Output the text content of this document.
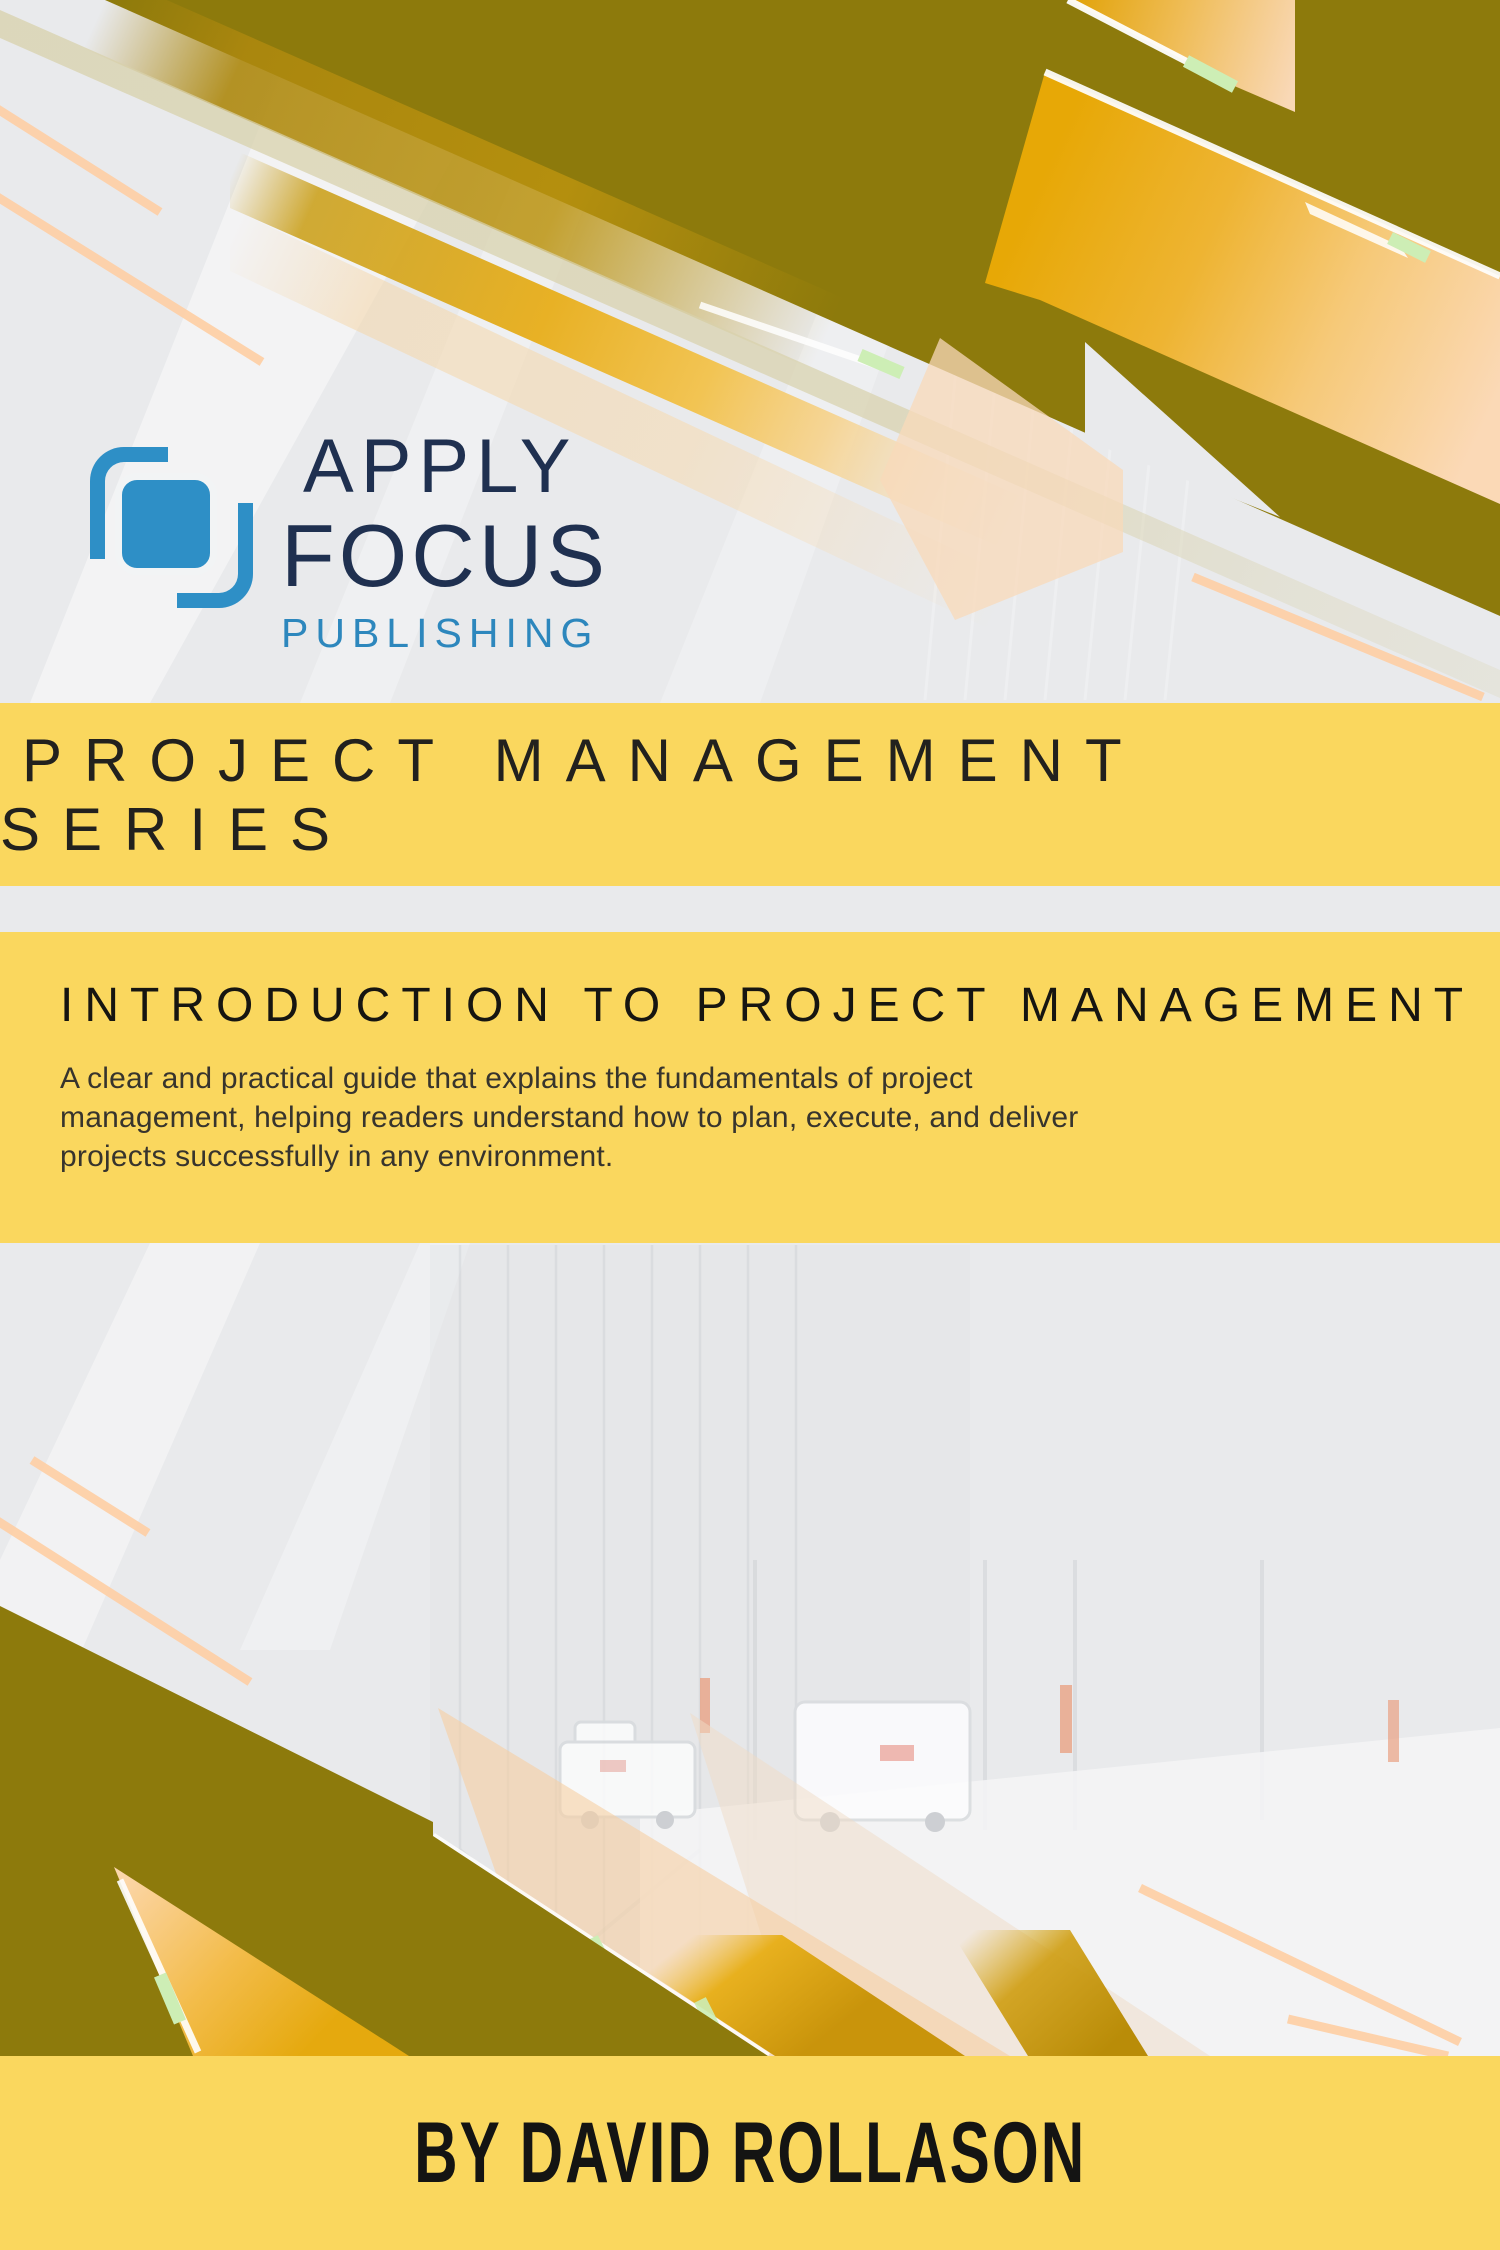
APPLY
FOCUS
PUBLISHING
PROJECT MANAGEMENT SERIES
INTRODUCTION TO PROJECT MANAGEMENT

A clear and practical guide that explains the fundamentals of project
management, helping readers understand how to plan, execute, and deliver
projects successfully in any environment.

BY DAVID ROLLASON
